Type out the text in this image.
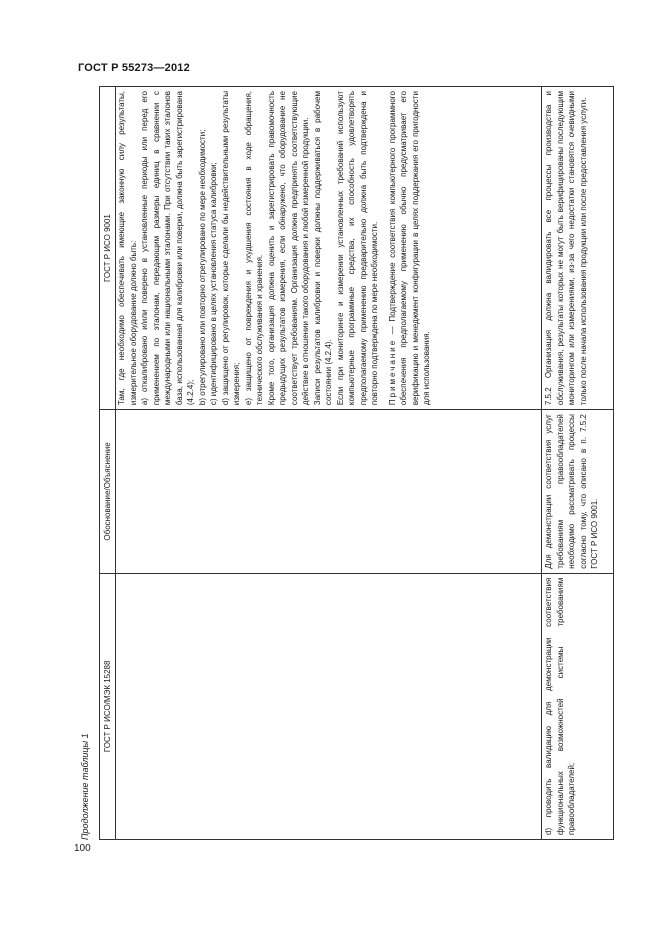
ГОСТ Р 55273—2012
Продолжение таблицы 1
ГОСТ Р ИСО/МЭК 15288
Обоснование/Объяснение
ГОСТ Р ИСО 9001 Там, где необходимо обеспечивать имеющие законную силу результаты, измерительное оборудование должно быть: a) откалибровано и/или поверено в установленные периоды или перед его применением по эталонам, передающим размеры единиц в сравнении с международными или национальными эталонами. При отсутствии таких эталонов база, использованная для калибровки или поверки, должна быть зарегистрирована (4.2.4); b) отрегулировано или повторно отрегулировано по мере необходимости; c) идентифицировано в целях установления статуса калибровки; d) защищено от регулировок, которые сделали бы недействительными результаты измерения; e) защищено от повреждения и ухудшения состояния в ходе обращения, технического обслуживания и хранения. Кроме того, организация должна оценить и зарегистрировать правомочность предыдущих результатов измерения, если обнаружено, что оборудование не соответствует требованиям. Организация должна предпринять соответствующие действие в отношении такого оборудования и любой измеренной продукции. Записи результатов калибровки и поверки должны поддерживаться в рабочем состоянии (4.2.4). Если при мониторинге и измерении установленных требований используют компьютерные программные средства, их способность удовлетворять предполагаемому применению предварительно должна быть подтверждена и повторно подтверждена по мере необходимости. Примечание — Подтверждение соответствия компьютерного программного обеспечения предполагаемому применению обычно предусматривает его верификацию и менеджмент конфигурации в целях поддержания его пригодности для использования.

d) проводить валидацию для демонстрации соответствия функциональных возможностей системы требованиям правообладателей;
Для демонстрации соответствия услуг требованиям правообладателей необходимо рассматривать процессы согласно тому, что описано в п. 7.5.2 ГОСТ Р ИСО 9001.
7.5.2 Организация должна валидировать все процессы производства и обслуживания, результаты которых не могут быть верифицированы последующим мониторингом или измерениями, из-за чего недостатки становятся очевидными только после начала использования продукции или после предоставления услуги.
100
